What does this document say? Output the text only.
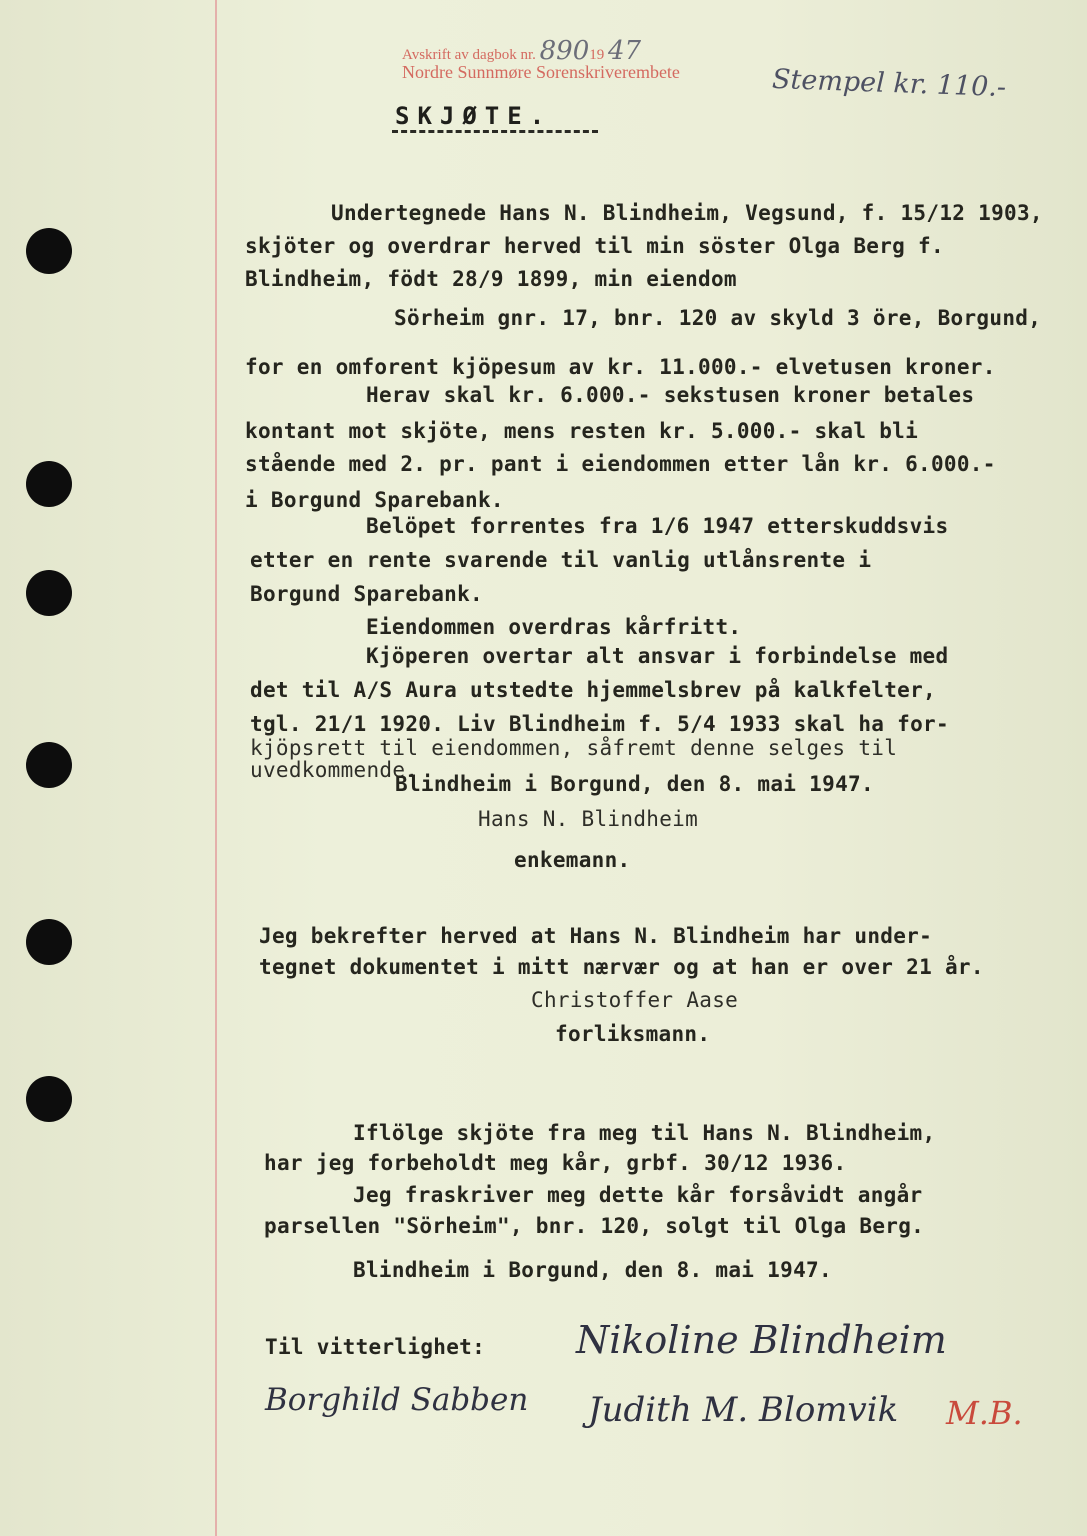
Avskrift av dagbok nr. 89019 47
Nordre Sunnmøre Sorenskriverembete	Stempel kr. 110.-
SKJØTE.
Undertegnede Hans N. Blindheim, Vegsund, f. 15/12 1903,
skjöter og overdrar herved til min söster Olga Berg f.
Blindheim, födt 28/9 1899, min eiendom
Sörheim gnr. 17, bnr. 120 av skyld 3 öre, Borgund,
for en omforent kjöpesum av kr. 11.000.- elvetusen kroner.
Herav skal kr. 6.000.- sekstusen kroner betales
kontant mot skjöte, mens resten kr. 5.000.- skal bli
stående med 2. pr. pant i eiendommen etter lån kr. 6.000.-
i Borgund Sparebank.
Belöpet forrentes fra 1/6 1947 etterskuddsvis
etter en rente svarende til vanlig utlånsrente i
Borgund Sparebank.
Eiendommen overdras kårfritt.
Kjöperen overtar alt ansvar i forbindelse med
det til A/S Aura utstedte hjemmelsbrev på kalkfelter,
tgl. 21/1 1920. Liv Blindheim f. 5/4 1933 skal ha for-
kjöpsrett til eiendommen, såfremt denne selges til
uvedkommende.
Blindheim i Borgund, den 8. mai 1947.
Hans N. Blindheim
enkemann.
Jeg bekrefter herved at Hans N. Blindheim har under-
tegnet dokumentet i mitt nærvær og at han er over 21 år.
Christoffer Aase
forliksmann.
Iflölge skjöte fra meg til Hans N. Blindheim,
har jeg forbeholdt meg kår, grbf. 30/12 1936.
Jeg fraskriver meg dette kår forsåvidt angår
parsellen "Sörheim", bnr. 120, solgt til Olga Berg.
Blindheim i Borgund, den 8. mai 1947.
Til vitterlighet: Nikoline Blindheim
Borghild Sabben Judith M. Blomvik M.B.
